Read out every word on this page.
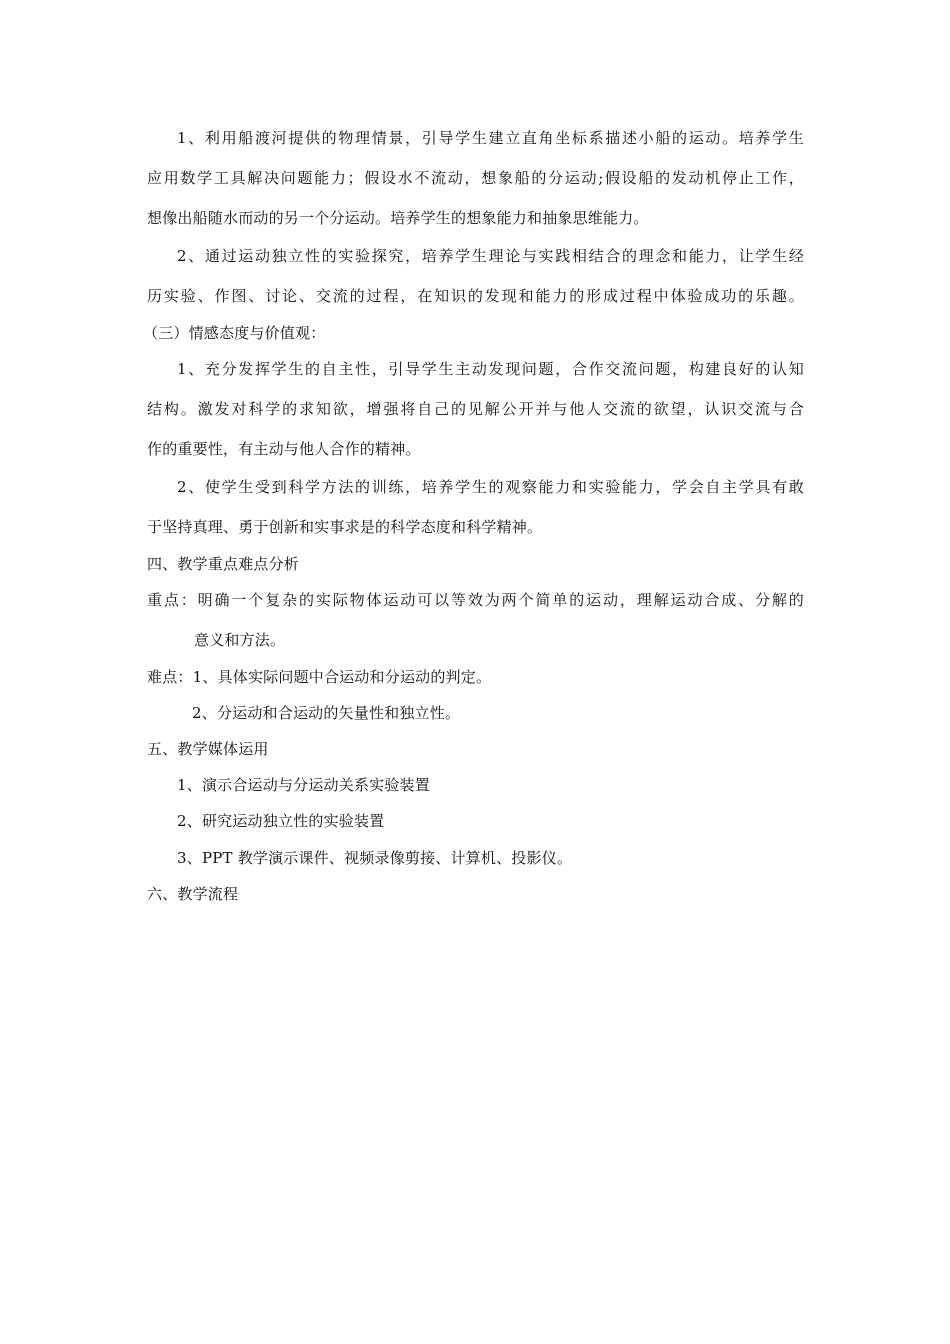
1、利用船渡河提供的物理情景，引导学生建立直角坐标系描述小船的运动。培养学生
应用数学工具解决问题能力；假设水不流动，想象船的分运动;假设船的发动机停止工作，
想像出船随水而动的另一个分运动。培养学生的想象能力和抽象思维能力。
2、通过运动独立性的实验探究，培养学生理论与实践相结合的理念和能力，让学生经
历实验、作图、讨论、交流的过程，在知识的发现和能力的形成过程中体验成功的乐趣。
（三）情感态度与价值观：
1、充分发挥学生的自主性，引导学生主动发现问题，合作交流问题，构建良好的认知
结构。激发对科学的求知欲，增强将自己的见解公开并与他人交流的欲望，认识交流与合
作的重要性，有主动与他人合作的精神。
2、使学生受到科学方法的训练，培养学生的观察能力和实验能力，学会自主学具有敢
于坚持真理、勇于创新和实事求是的科学态度和科学精神。
四、教学重点难点分析
重点：明确一个复杂的实际物体运动可以等效为两个简单的运动，理解运动合成、分解的
意义和方法。
难点：1、具体实际问题中合运动和分运动的判定。
2、分运动和合运动的矢量性和独立性。
五、教学媒体运用
1、演示合运动与分运动关系实验装置
2、研究运动独立性的实验装置
3、PPT 教学演示课件、视频录像剪接、计算机、投影仪。
六、教学流程
